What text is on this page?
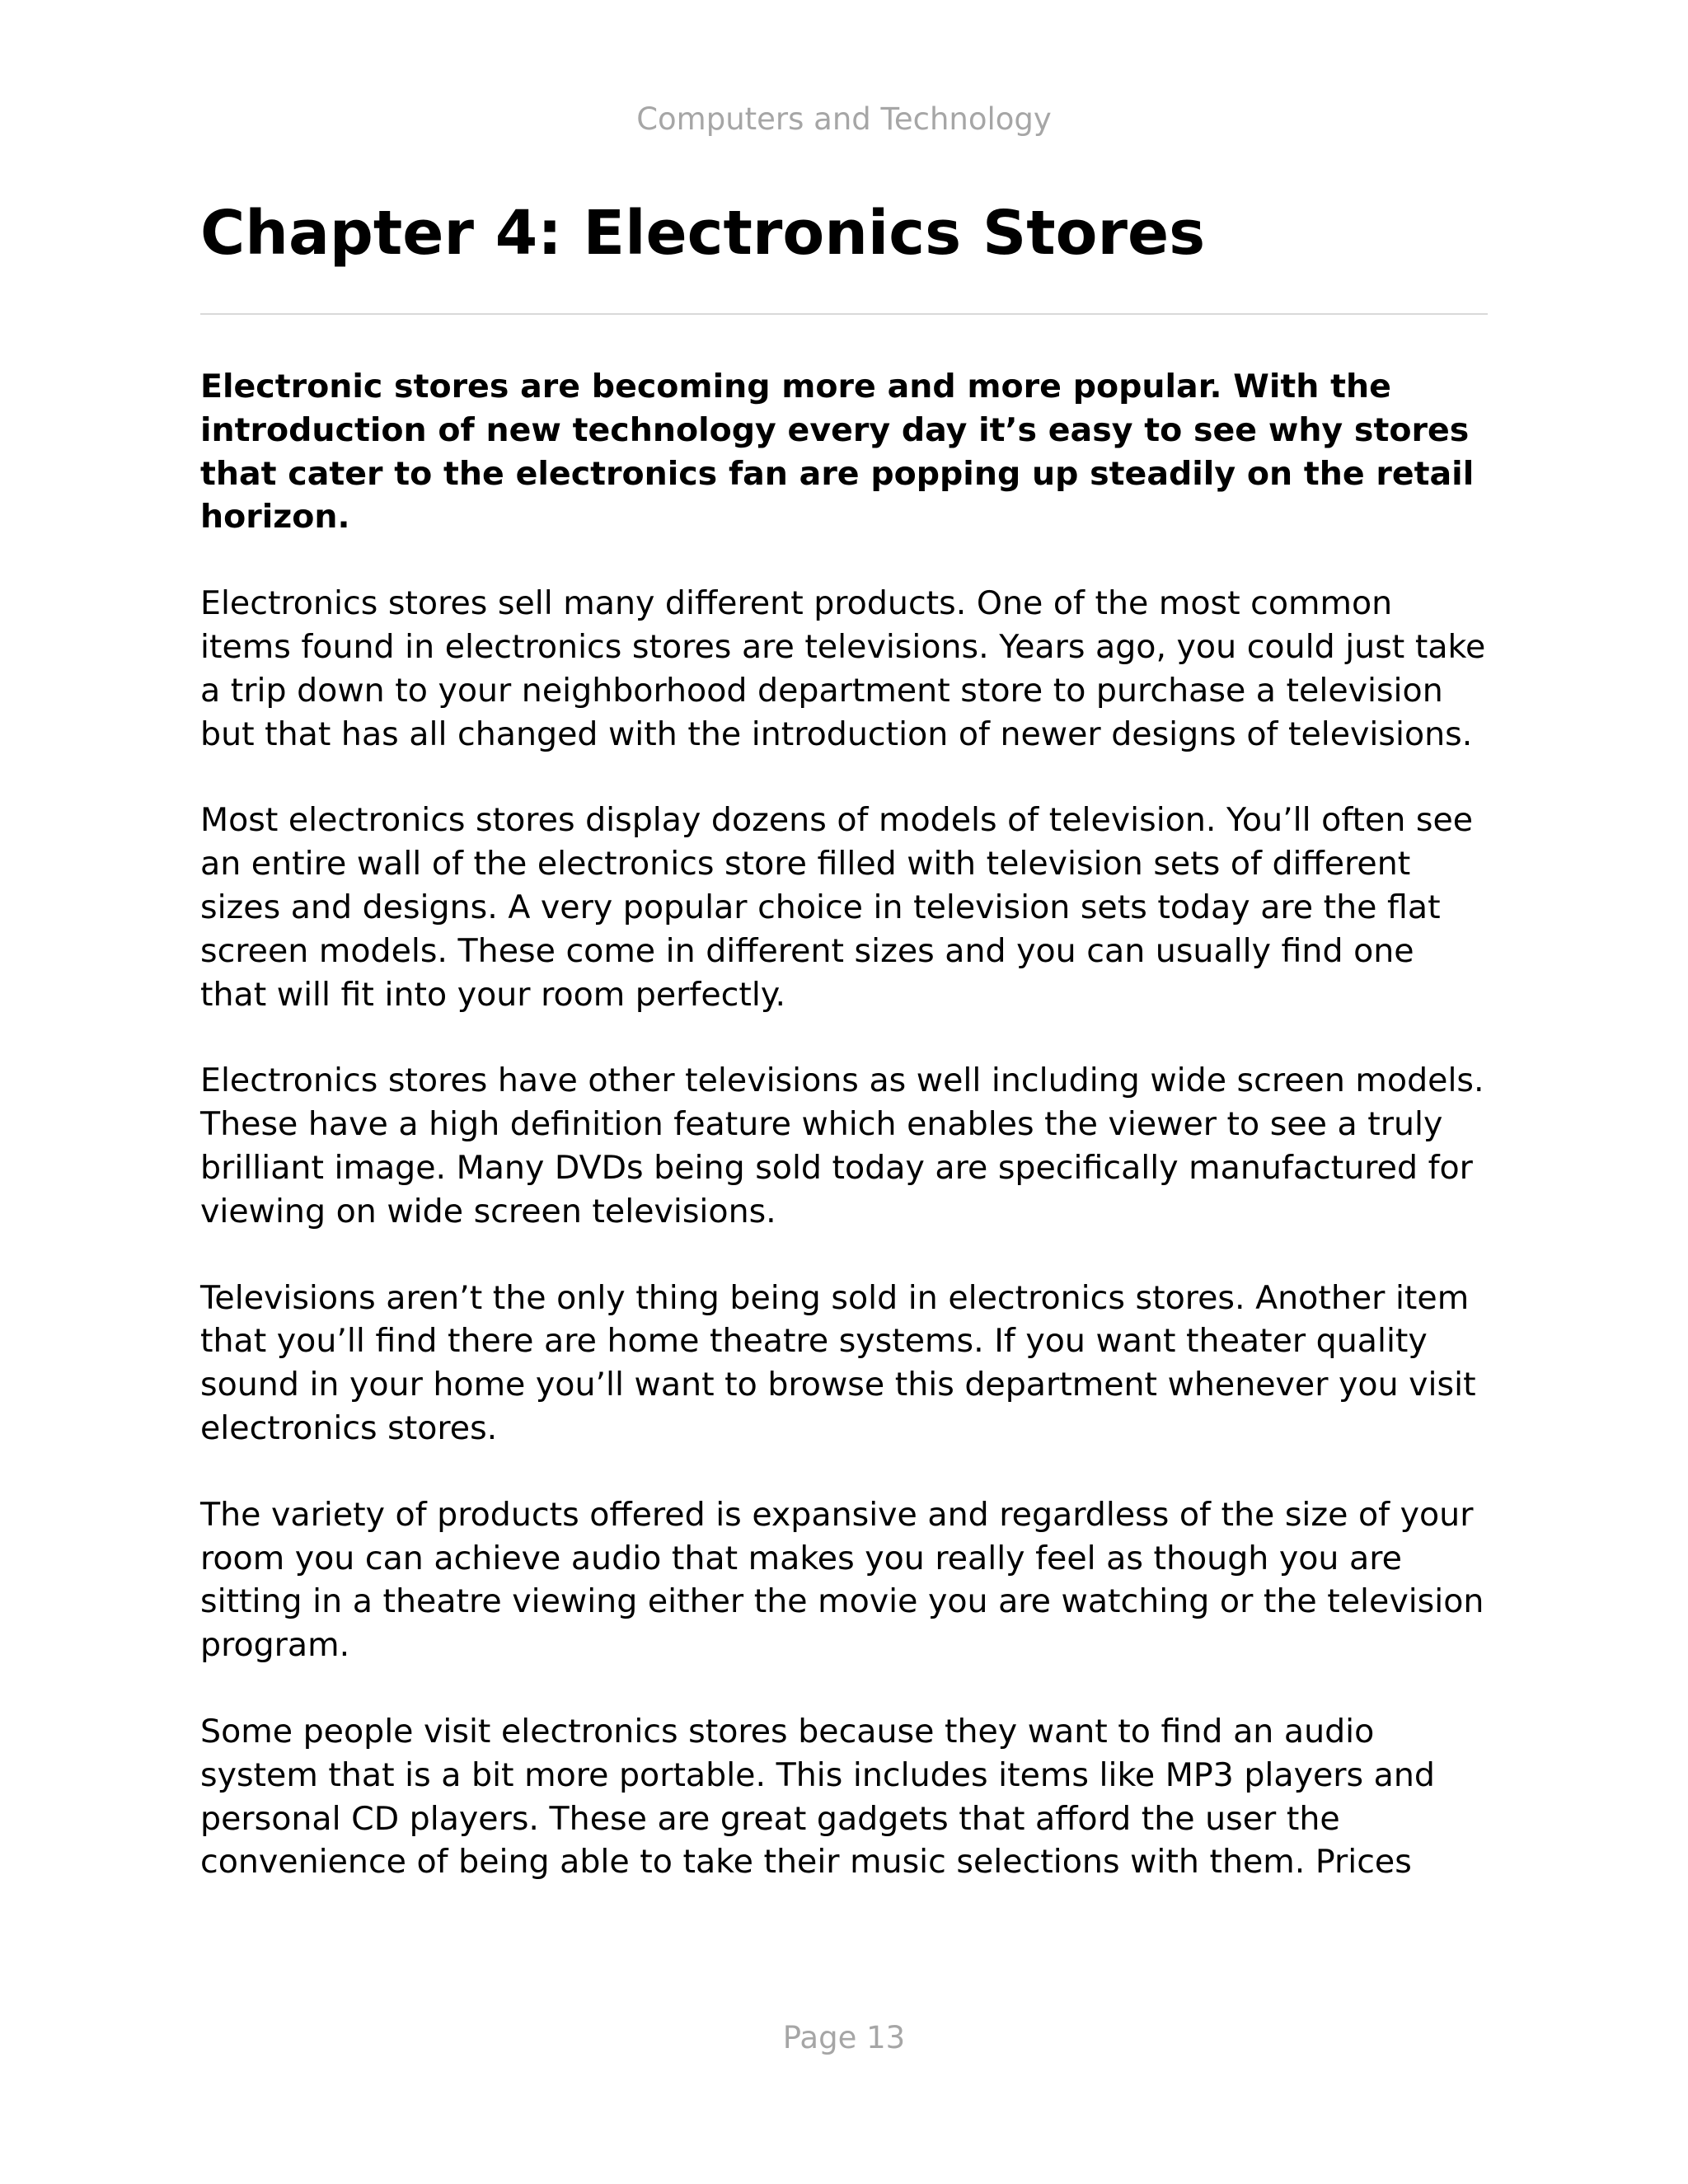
Computers and Technology
Chapter 4: Electronics Stores

Electronic stores are becoming more and more popular. With the introduction of new technology every day it’s easy to see why stores that cater to the electronics fan are popping up steadily on the retail horizon.

Electronics stores sell many different products. One of the most common items found in electronics stores are televisions. Years ago, you could just take a trip down to your neighborhood department store to purchase a television but that has all changed with the introduction of newer designs of televisions.

Most electronics stores display dozens of models of television. You’ll often see an entire wall of the electronics store filled with television sets of different sizes and designs. A very popular choice in television sets today are the flat screen models. These come in different sizes and you can usually find one that will fit into your room perfectly.

Electronics stores have other televisions as well including wide screen models. These have a high definition feature which enables the viewer to see a truly brilliant image. Many DVDs being sold today are specifically manufactured for viewing on wide screen televisions.

Televisions aren’t the only thing being sold in electronics stores. Another item that you’ll find there are home theatre systems. If you want theater quality sound in your home you’ll want to browse this department whenever you visit electronics stores.

The variety of products offered is expansive and regardless of the size of your room you can achieve audio that makes you really feel as though you are sitting in a theatre viewing either the movie you are watching or the television program.

Some people visit electronics stores because they want to find an audio system that is a bit more portable. This includes items like MP3 players and personal CD players. These are great gadgets that afford the user the convenience of being able to take their music selections with them. Prices

Page 13
